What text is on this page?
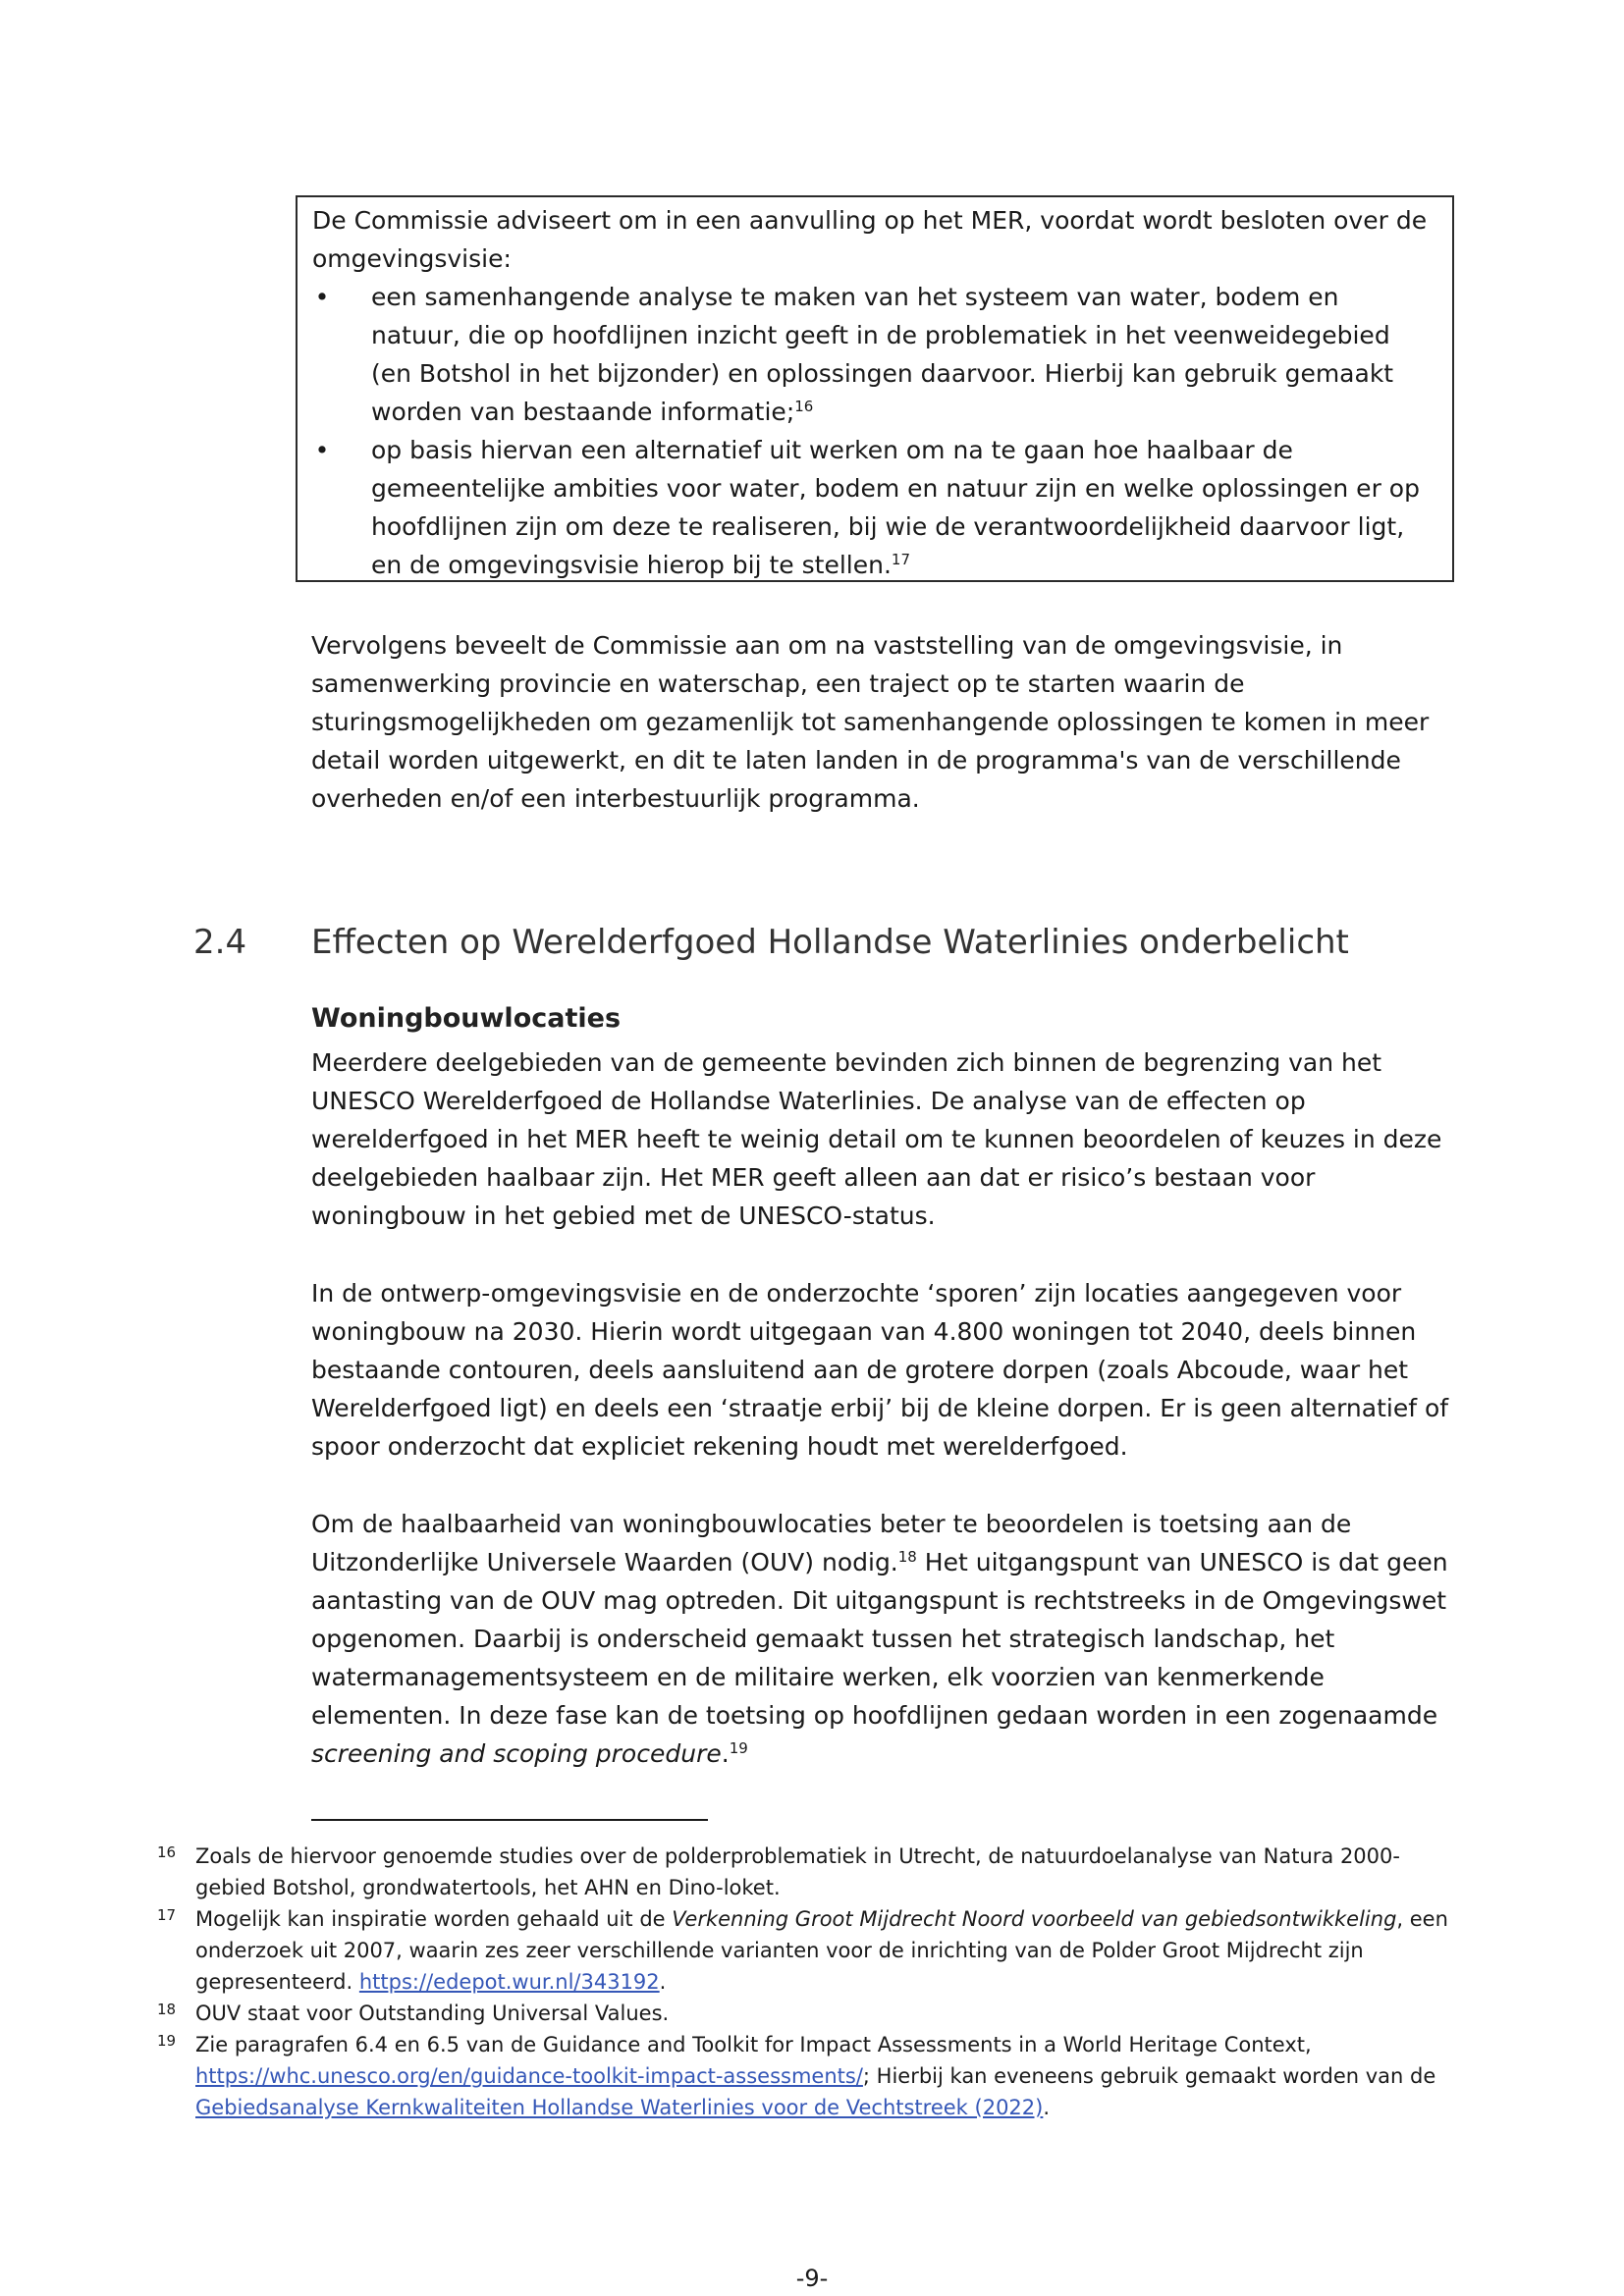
De Commissie adviseert om in een aanvulling op het MER, voordat wordt besloten over de omgevingsvisie:

• een samenhangende analyse te maken van het systeem van water, bodem en natuur, die op hoofdlijnen inzicht geeft in de problematiek in het veenweidegebied (en Botshol in het bijzonder) en oplossingen daarvoor. Hierbij kan gebruik gemaakt worden van bestaande informatie;$^{16}$
• op basis hiervan een alternatief uit werken om na te gaan hoe haalbaar de gemeentelijke ambities voor water, bodem en natuur zijn en welke oplossingen er op hoofdlijnen zijn om deze te realiseren, bij wie de verantwoordelijkheid daarvoor ligt, en de omgevingsvisie hierop bij te stellen.$^{17}$

Vervolgens beveelt de Commissie aan om na vaststelling van de omgevingsvisie, in samenwerking provincie en waterschap, een traject op te starten waarin de sturingsmogelijkheden om gezamenlijk tot samenhangende oplossingen te komen in meer detail worden uitgewerkt, en dit te laten landen in de programma's van de verschillende overheden en/of een interbestuurlijk programma.

2.4 Effecten op Werelderfgoed Hollandse Waterlinies onderbelicht
Woningbouwlocaties

Meerdere deelgebieden van de gemeente bevinden zich binnen de begrenzing van het UNESCO Werelderfgoed de Hollandse Waterlinies. De analyse van de effecten op werelderfgoed in het MER heeft te weinig detail om te kunnen beoordelen of keuzes in deze deelgebieden haalbaar zijn. Het MER geeft alleen aan dat er risico’s bestaan voor woningbouw in het gebied met de UNESCO-status.

In de ontwerp-omgevingsvisie en de onderzochte ‘sporen’ zijn locaties aangegeven voor woningbouw na 2030. Hierin wordt uitgegaan van 4.800 woningen tot 2040, deels binnen bestaande contouren, deels aansluitend aan de grotere dorpen (zoals Abcoude, waar het Werelderfgoed ligt) en deels een ‘straatje erbij’ bij de kleine dorpen. Er is geen alternatief of spoor onderzocht dat expliciet rekening houdt met werelderfgoed.

Om de haalbaarheid van woningbouwlocaties beter te beoordelen is toetsing aan de Uitzonderlijke Universele Waarden (OUV) nodig.$^{18}$ Het uitgangspunt van UNESCO is dat geen aantasting van de OUV mag optreden. Dit uitgangspunt is rechtstreeks in de Omgevingswet opgenomen. Daarbij is onderscheid gemaakt tussen het strategisch landschap, het watermanagementsysteem en de militaire werken, elk voorzien van kenmerkende elementen. In deze fase kan de toetsing op hoofdlijnen gedaan worden in een zogenaamde screening and scoping procedure.$^{19}$

16 Zoals de hiervoor genoemde studies over de polderproblematiek in Utrecht, de natuurdoelanalyse van Natura 2000-gebied Botshol, grondwatertools, het AHN en Dino-loket.

17 Mogelijk kan inspiratie worden gehaald uit de Verkenning Groot Mijdrecht Noord voorbeeld van gebiedsontwikkeling, een onderzoek uit 2007, waarin zes zeer verschillende varianten voor de inrichting van de Polder Groot Mijdrecht zijn gepresenteerd. https://edepot.wur.nl/343192.

18 OUV staat voor Outstanding Universal Values.

19 Zie paragrafen 6.4 en 6.5 van de Guidance and Toolkit for Impact Assessments in a World Heritage Context, https://whc.unesco.org/en/guidance-toolkit-impact-assessments/; Hierbij kan eveneens gebruik gemaakt worden van de Gebiedsanalyse Kernkwaliteiten Hollandse Waterlinies voor de Vechtstreek (2022).

-9-
